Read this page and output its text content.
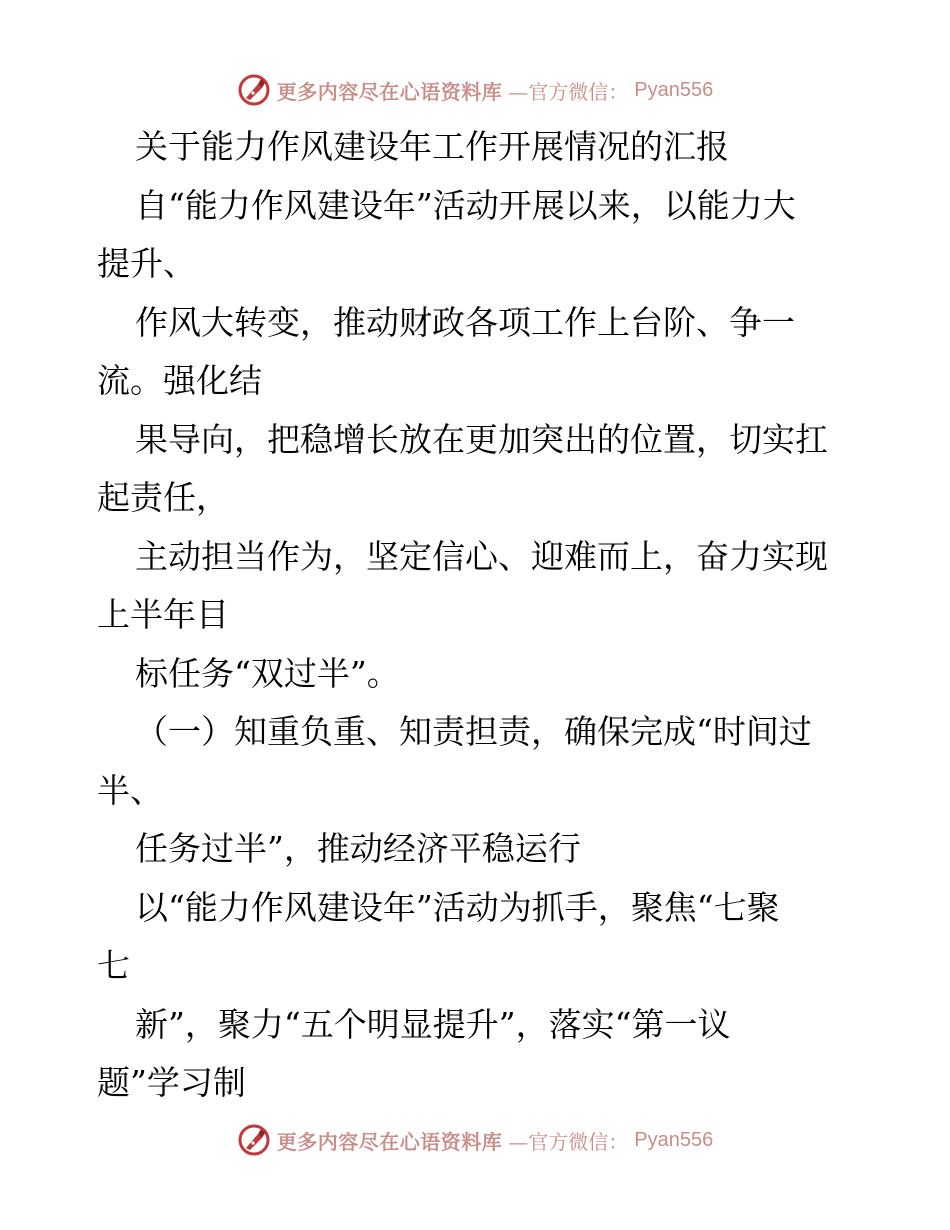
更多内容尽在心语资料库 —官方微信： Pyan556
关于能力作风建设年工作开展情况的汇报
自“能力作风建设年”活动开展以来，以能力大
提升、
作风大转变，推动财政各项工作上台阶、争一
流。强化结
果导向，把稳增长放在更加突出的位置，切实扛
起责任，
主动担当作为，坚定信心、迎难而上，奋力实现
上半年目
标任务“双过半”。
（一）知重负重、知责担责，确保完成“时间过
半、
任务过半”，推动经济平稳运行
以“能力作风建设年”活动为抓手，聚焦“七聚
七
新”，聚力“五个明显提升”，落实“第一议
题”学习制
更多内容尽在心语资料库 —官方微信： Pyan556
